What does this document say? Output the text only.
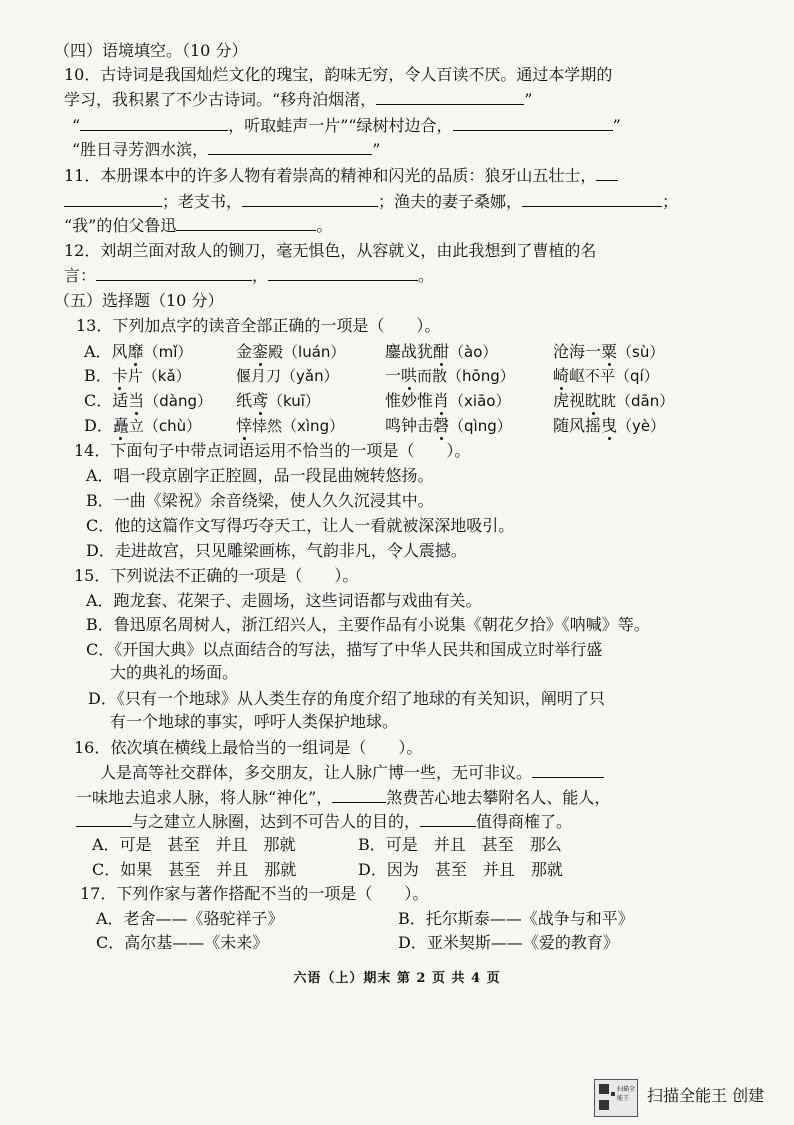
（四）语境填空。（10 分）
10．古诗词是我国灿烂文化的瑰宝，韵味无穷，令人百读不厌。通过本学期的
学习，我积累了不少古诗词。“移舟泊烟渚，	”
“	，听取蛙声一片”“绿树村边合，	”
“胜日寻芳泗水滨，	”
11．本册课本中的许多人物有着崇高的精神和闪光的品质：狼牙山五壮士，
；老支书，	；渔夫的妻子桑娜，	；
“我”的伯父鲁迅	。
12．刘胡兰面对敌人的铡刀，毫无惧色，从容就义，由此我想到了曹植的名
言：	，	。
（五）选择题（10 分）
13．下列加点字的读音全部正确的一项是（　　）。
A．风靡（mǐ）	金銮殿（luán） 鏖战犹酣（ào）	沧海一粟（sù）
B．卡片（kǎ）	偃月刀（yǎn）	一哄而散（hōng） 崎岖不平（qí）
C．适当（dàng） 纸鸢（kuī）	惟妙惟肖（xiāo）	虎视眈眈（dān）
D．矗立（chù） 悻悻然（xìng）	鸣钟击磬（qìng）	随风摇曳（yè）
14．下面句子中带点词语运用不恰当的一项是（　　）。
A．唱一段京剧字正腔圆，品一段昆曲婉转悠扬。
B．一曲《梁祝》余音绕梁，使人久久沉浸其中。
C．他的这篇作文写得巧夺天工，让人一看就被深深地吸引。
D．走进故宫，只见雕梁画栋，气韵非凡，令人震撼。
15．下列说法不正确的一项是（　　）。
A．跑龙套、花架子、走圆场，这些词语都与戏曲有关。
B．鲁迅原名周树人，浙江绍兴人，主要作品有小说集《朝花夕拾》《呐喊》等。
C．《开国大典》以点面结合的写法，描写了中华人民共和国成立时举行盛
大的典礼的场面。
D．《只有一个地球》从人类生存的角度介绍了地球的有关知识，阐明了只
有一个地球的事实，呼吁人类保护地球。
16．依次填在横线上最恰当的一组词是（　　）。
人是高等社交群体，多交朋友，让人脉广博一些，无可非议。
一味地去追求人脉，将人脉“神化”，	煞费苦心地去攀附名人、能人，
与之建立人脉圈，达到不可告人的目的，	值得商榷了。
A．可是　甚至　并且　那就	B．可是　并且　甚至　那么
C．如果　甚至　并且　那就	D．因为　甚至　并且　那就
17．下列作家与著作搭配不当的一项是（　　）。
A．老舍——《骆驼祥子》	B．托尔斯泰——《战争与和平》
C．高尔基——《未来》	D．亚米契斯——《爱的教育》
六语（上）期末 第 2 页 共 4 页
扫描全能王	扫描全能王 创建
